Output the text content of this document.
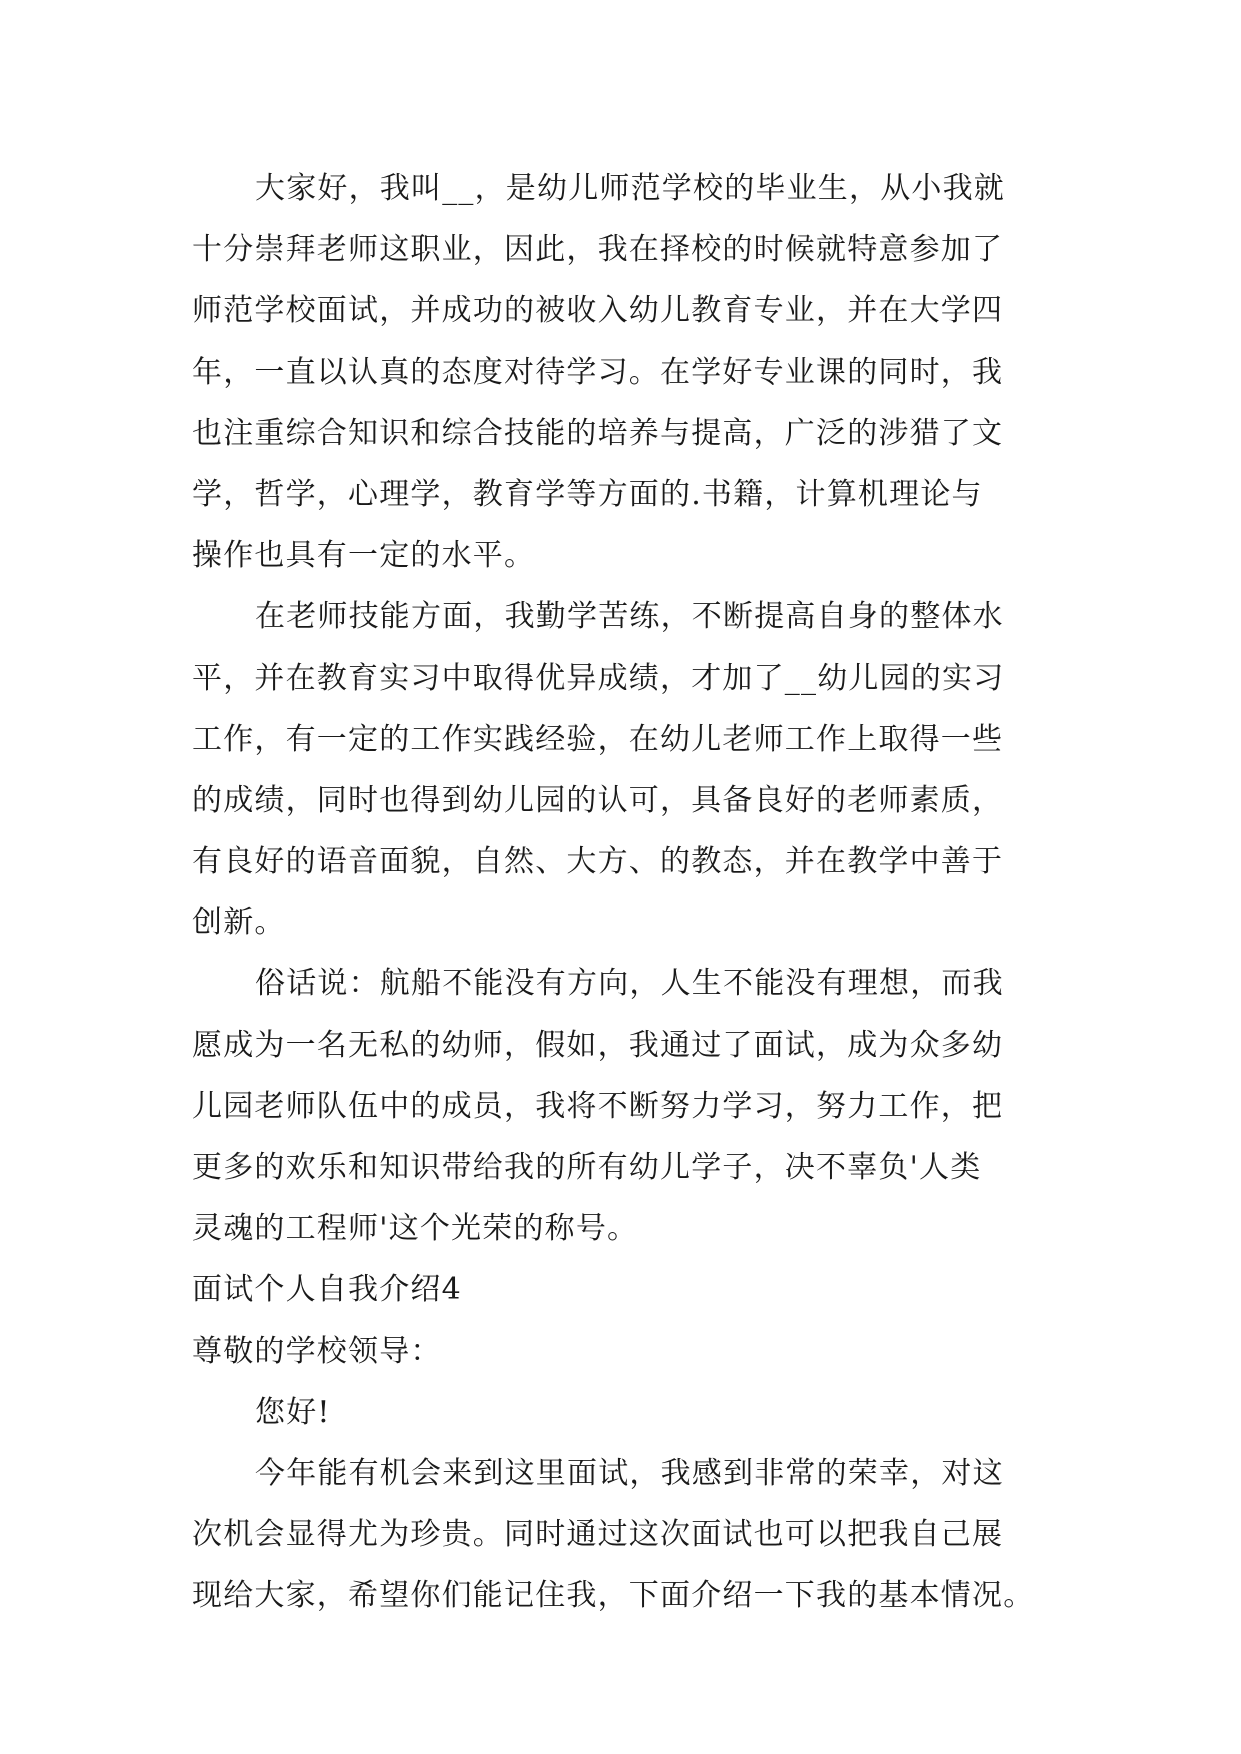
大家好，我叫__，是幼儿师范学校的毕业生，从小我就
十分崇拜老师这职业，因此，我在择校的时候就特意参加了
师范学校面试，并成功的被收入幼儿教育专业，并在大学四
年，一直以认真的态度对待学习。在学好专业课的同时，我
也注重综合知识和综合技能的培养与提高，广泛的涉猎了文
学，哲学，心理学，教育学等方面的.书籍，计算机理论与
操作也具有一定的水平。
在老师技能方面，我勤学苦练，不断提高自身的整体水
平，并在教育实习中取得优异成绩，才加了__幼儿园的实习
工作，有一定的工作实践经验，在幼儿老师工作上取得一些
的成绩，同时也得到幼儿园的认可，具备良好的老师素质，
有良好的语音面貌，自然、大方、的教态，并在教学中善于
创新。
俗话说：航船不能没有方向，人生不能没有理想，而我
愿成为一名无私的幼师，假如，我通过了面试，成为众多幼
儿园老师队伍中的成员，我将不断努力学习，努力工作，把
更多的欢乐和知识带给我的所有幼儿学子，决不辜负'人类
灵魂的工程师'这个光荣的称号。
面试个人自我介绍4
尊敬的学校领导：
您好!
今年能有机会来到这里面试，我感到非常的荣幸，对这
次机会显得尤为珍贵。同时通过这次面试也可以把我自己展
现给大家，希望你们能记住我，下面介绍一下我的基本情况。
